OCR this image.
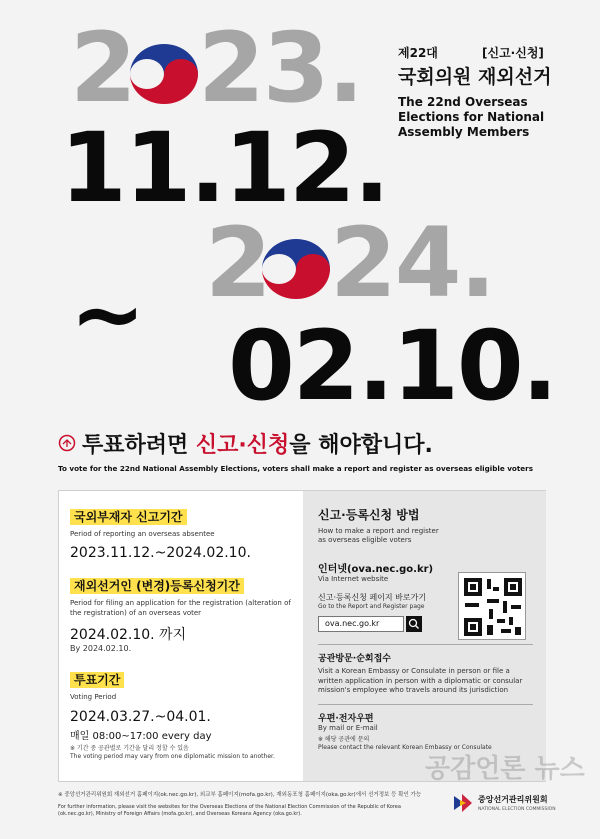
2 23.
11.12.
~ 2 24.
02.10.
제22대	[신고·신청]
국회의원 재외선거
The 22nd Overseas Elections for National Assembly Members
투표하려면 신고·신청을 해야합니다.
To vote for the 22nd National Assembly Elections, voters shall make a report and register as overseas eligible voters
국외부재자 신고기간
Period of reporting an overseas absentee
2023.11.12.~2024.02.10.
재외선거인 (변경)등록신청기간
Period for filing an application for the registration (alteration of the registration) of an overseas voter
2024.02.10. 까지
By 2024.02.10.
투표기간
Voting Period
2024.03.27.~04.01.
매일 08:00~17:00 every day
※ 기간 중 공관별로 기간을 달리 정할 수 있음
The voting period may vary from one diplomatic mission to another.
신고·등록신청 방법
How to make a report and register as overseas eligible voters
인터넷(ova.nec.go.kr)
Via Internet website
신고·등록신청 페이지 바로가기
Go to the Report and Register page
ova.nec.go.kr
공관방문·순회접수
Visit a Korean Embassy or Consulate in person or file a written application in person with a diplomatic or consular mission's employee who travels around its jurisdiction
우편·전자우편
By mail or E-mail
※ 해당 공관에 문의
Please contact the relevant Korean Embassy or Consulate
※ 중앙선거관리위원회 재외선거 홈페이지(ok.nec.go.kr), 외교부 홈페이지(mofa.go.kr), 재외동포청 홈페이지(oka.go.kr)에서 선거정보 등 확인 가능
For further information, please visit the websites for the Overseas Elections of the National Election Commission of the Republic of Korea (ok.nec.go.kr), Ministry of Foreign Affairs (mofa.go.kr), and Overseas Koreans Agency (oka.go.kr).
중앙선거관리위원회
NATIONAL ELECTION COMMISSION
공감언론 뉴스
